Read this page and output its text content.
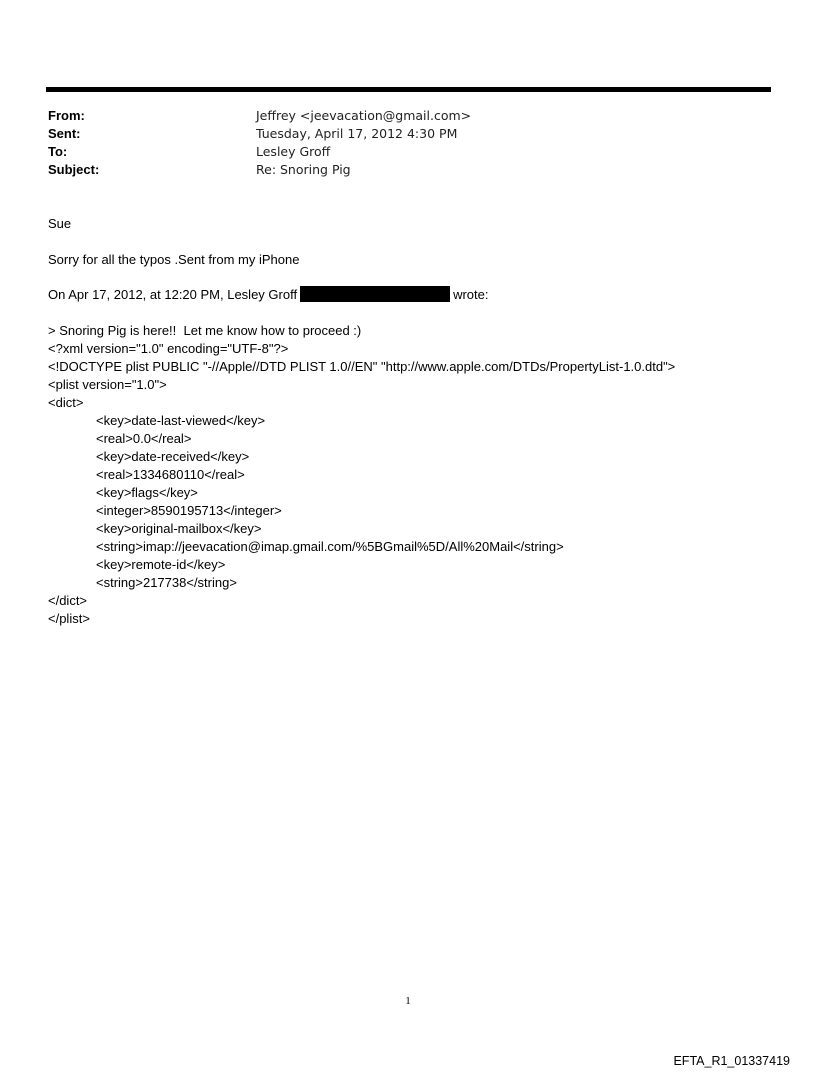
From:	Jeffrey <jeevacation@gmail.com>
Sent:	Tuesday, April 17, 2012 4:30 PM
To:	Lesley Groff
Subject:	Re: Snoring Pig
Sue
Sorry for all the typos .Sent from my iPhone
On Apr 17, 2012, at 12:20 PM, Lesley Groff	wrote:
> Snoring Pig is here!!  Let me know how to proceed :)
<?xml version="1.0" encoding="UTF-8"?>
<!DOCTYPE plist PUBLIC "-//Apple//DTD PLIST 1.0//EN" "http://www.apple.com/DTDs/PropertyList-1.0.dtd">
<plist version="1.0">
<dict>
<key>date-last-viewed</key>
<real>0.0</real>
<key>date-received</key>
<real>1334680110</real>
<key>flags</key>
<integer>8590195713</integer>
<key>original-mailbox</key>
<string>imap://jeevacation@imap.gmail.com/%5BGmail%5D/All%20Mail</string>
<key>remote-id</key>
<string>217738</string>
</dict>
</plist>
1
EFTA_R1_01337419
